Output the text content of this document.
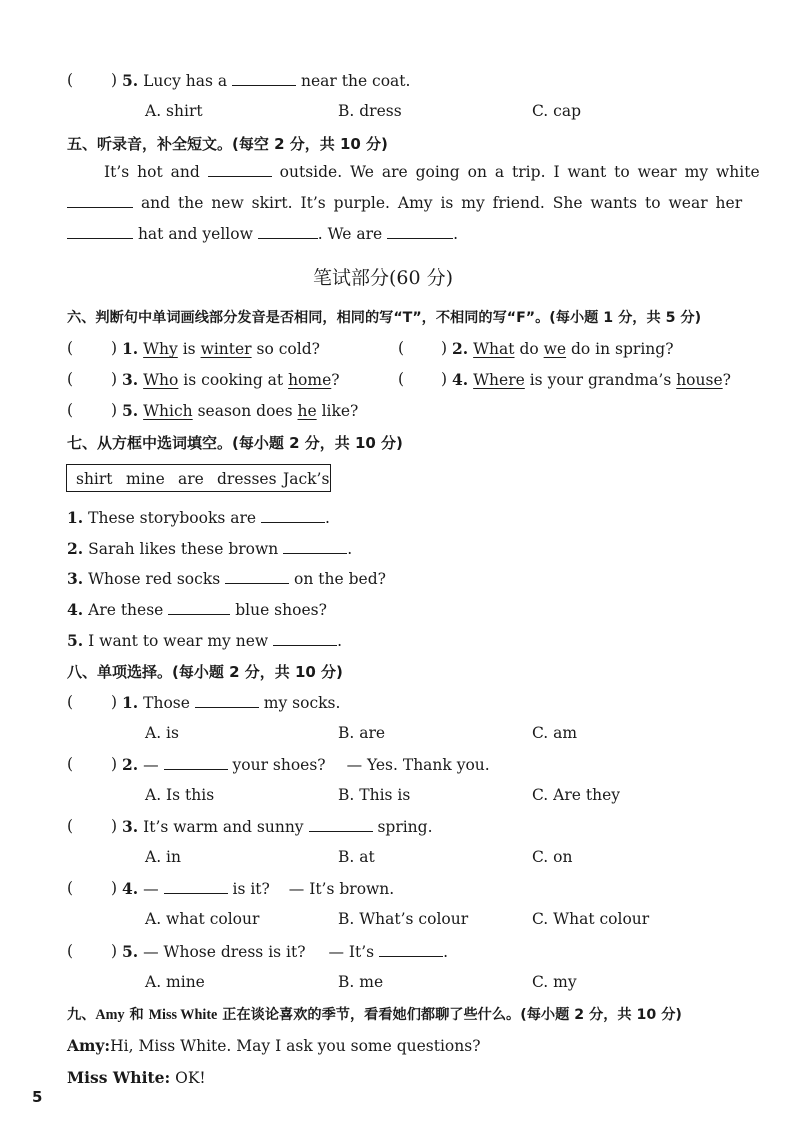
( ) 5. Lucy has a	near the coat.
A. shirt	B. dress	C. cap
五、听录音，补全短文。(每空 2 分，共 10 分)
It’s hot and	outside. We are going on a trip. I want to wear my white
and the new skirt. It’s purple. Amy is my friend. She wants to wear her
hat and yellow	. We are	.
笔试部分(60 分)
六、判断句中单词画线部分发音是否相同，相同的写“T”，不相同的写“F”。(每小题 1 分，共 5 分)
( ) 1. Why is winter so cold?	( ) 2. What do we do in spring?
( ) 3. Who is cooking at home?	( ) 4. Where is your grandma’s house?
( ) 5. Which season does he like?
七、从方框中选词填空。(每小题 2 分，共 10 分)
shirt mine are dresses Jack’s
1. These storybooks are	.
2. Sarah likes these brown	.
3. Whose red socks	on the bed?
4. Are these	blue shoes?
5. I want to wear my new	.
八、单项选择。(每小题 2 分，共 10 分)
( ) 1. Those	my socks.
A. is	B. are	C. am
( ) 2. —	your shoes? — Yes. Thank you.
A. Is this	B. This is	C. Are they
( ) 3. It’s warm and sunny	spring.
A. in	B. at	C. on
( ) 4. —	is it? — It’s brown.
A. what colour	B. What’s colour	C. What colour
( ) 5. — Whose dress is it? — It’s	.
A. mine	B. me	C. my
九、Amy 和 Miss White 正在谈论喜欢的季节，看看她们都聊了些什么。(每小题 2 分，共 10 分)
Amy:Hi, Miss White. May I ask you some questions?
Miss White: OK!
5
